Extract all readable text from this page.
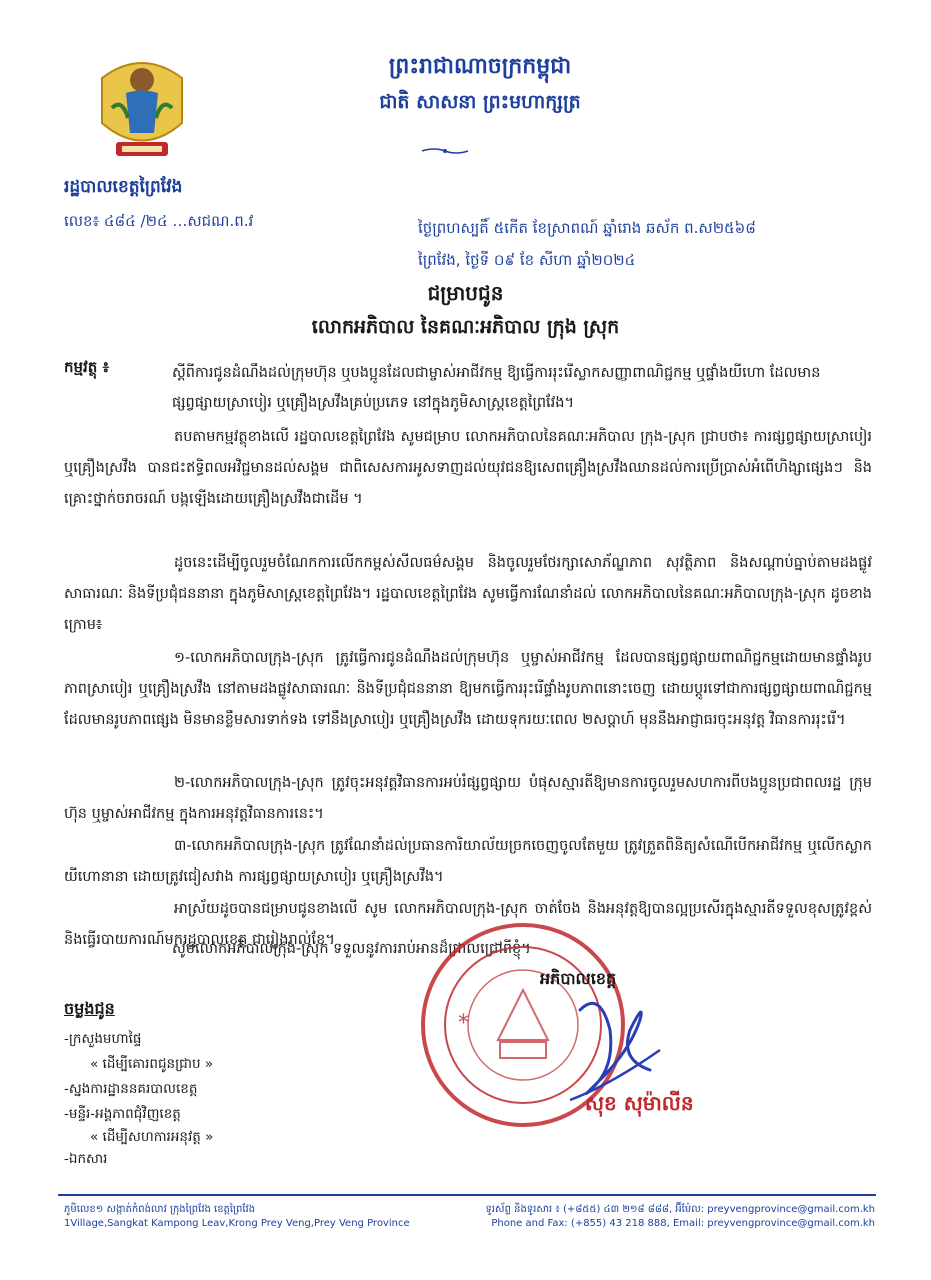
ព្រះរាជាណាចក្រកម្ពុជា
ជាតិ សាសនា ព្រះមហាក្សត្រ
រដ្ឋបាលខេត្តព្រៃវែង
លេខ៖ ៤៨៤ /២៤ …សជណ.ព.វ	ថ្ងៃព្រហស្បតិ៍ ៥កើត ខែស្រាពណ៍ ឆ្នាំរោង ឆស័ក ព.ស២៥៦៨
ព្រៃវែង, ថ្ងៃទី ០៩ ខែ សីហា ឆ្នាំ២០២៤
ជម្រាបជូន
លោកអភិបាល នៃគណៈអភិបាល ក្រុង ស្រុក
កម្មវត្ថុ ៖	ស្តីពីការជូនដំណឹងដល់ក្រុមហ៊ុន ឬបងប្អូនដែលជាម្ចាស់អាជីវកម្ម ឱ្យធ្វើការរុះរើស្លាកសញ្ញាពាណិជ្ជកម្ម ឬផ្ទាំងយីហោ ដែលមានផ្សព្វផ្សាយស្រាបៀរ ឬគ្រឿងស្រវឹងគ្រប់ប្រភេទ នៅក្នុងភូមិសាស្ត្រខេត្តព្រៃវែង។
តបតាមកម្មវត្ថុខាងលើ រដ្ឋបាលខេត្តព្រៃវែង សូមជម្រាប លោកអភិបាលនៃគណៈអភិបាល ក្រុង-ស្រុក ជ្រាបថា៖ ការផ្សព្វផ្សាយស្រាបៀរ ឬគ្រឿងស្រវឹង បានជះឥទ្ធិពលអវិជ្ជមានដល់សង្គម ជាពិសេសការអូសទាញដល់យុវជនឱ្យសេពគ្រឿងស្រវឹងឈានដល់ការប្រើប្រាស់អំពើហិង្សាផ្សេងៗ និងគ្រោះថ្នាក់ចរាចរណ៍ បង្កឡើងដោយគ្រឿងស្រវឹងជាដើម ។
ដូចនេះដើម្បីចូលរួមចំណែកការលើកកម្ពស់សីលធម៌សង្គម និងចូលរួមថែរក្សាសោភ័ណ្ឌភាព សុវត្ថិភាព និងសណ្តាប់ធ្នាប់តាមដងផ្លូវសាធារណៈ និងទីប្រជុំជននានា ក្នុងភូមិសាស្ត្រខេត្តព្រៃវែង។ រដ្ឋបាលខេត្តព្រៃវែង សូមធ្វើការណែនាំដល់ លោកអភិបាលនៃគណៈអភិបាលក្រុង-ស្រុក ដូចខាងក្រោម៖
១-លោកអភិបាលក្រុង-ស្រុក ត្រូវធ្វើការជូនដំណឹងដល់ក្រុមហ៊ុន ឬម្ចាស់អាជីវកម្ម ដែលបានផ្សព្វផ្សាយពាណិជ្ជកម្មដោយមានផ្ទាំងរូបភាពស្រាបៀរ ឬគ្រឿងស្រវឹង នៅតាមដងផ្លូវសាធារណៈ និងទីប្រជុំជននានា ឱ្យមកធ្វើការរុះរើផ្ទាំងរូបភាពនោះចេញ ដោយប្តូរទៅជាការផ្សព្វផ្សាយពាណិជ្ជកម្មដែលមានរូបភាពផ្សេង មិនមានខ្លឹមសារទាក់ទង ទៅនឹងស្រាបៀរ ឬគ្រឿងស្រវឹង ដោយទុករយៈពេល ២សប្តាហ៍ មុននឹងអាជ្ញាធរចុះអនុវត្ត វិធានការរុះរើ។
២-លោកអភិបាលក្រុង-ស្រុក ត្រូវចុះអនុវត្តវិធានការអប់រំផ្សព្វផ្សាយ បំផុសស្មារតីឱ្យមានការចូលរួមសហការពីបងប្អូនប្រជាពលរដ្ឋ ក្រុមហ៊ុន ឬម្ចាស់អាជីវកម្ម ក្នុងការអនុវត្តវិធានការនេះ។
៣-លោកអភិបាលក្រុង-ស្រុក ត្រូវណែនាំដល់ប្រធានការិយាល័យច្រកចេញចូលតែមួយ ត្រូវត្រួតពិនិត្យសំណើបើកអាជីវកម្ម ឬលើកស្លាកយីហោនានា ដោយត្រូវជៀសវាង ការផ្សព្វផ្សាយស្រាបៀរ ឬគ្រឿងស្រវឹង។
អាស្រ័យដូចបានជម្រាបជូនខាងលើ សូម លោកអភិបាលក្រុង-ស្រុក ចាត់ចែង និងអនុវត្តឱ្យបានល្អប្រសើរក្នុងស្មារតីទទួលខុសត្រូវខ្ពស់ និងធ្វើរបាយការណ៍មករដ្ឋបាលខេត្ត ជារៀងរាល់ខែ។
សូមលោកអភិបាលក្រុង-ស្រុក ទទួលនូវការរាប់អានដ៏ជ្រាលជ្រៅពីខ្ញុំ។
*
អភិបាលខេត្ត
សុខ សុម៉ាលីន
ចម្លងជូន
-ក្រសួងមហាផ្ទៃ
« ដើម្បីគោរពជូនជ្រាប »
-ស្នងការដ្ឋាននគរបាលខេត្ត
-មន្ទីរ-អង្គភាពជុំវិញខេត្ត
« ដើម្បីសហការអនុវត្ត »
-ឯកសារ
ភូមិលេខ១ សង្កាត់កំពង់លាវ ក្រុងព្រៃវែង ខេត្តព្រៃវែង
1Village,Sangkat Kampong Leav,Krong Prey Veng,Prey Veng Province
ទូរស័ព្ទ និងទូរសារ ៖ (+៨៥៥) ៤៣ ២១៨ ៨៨៨, អ៊ីម៉ែល: preyvengprovince@gmail.com.kh
Phone and Fax: (+855) 43 218 888, Email: preyvengprovince@gmail.com.kh
